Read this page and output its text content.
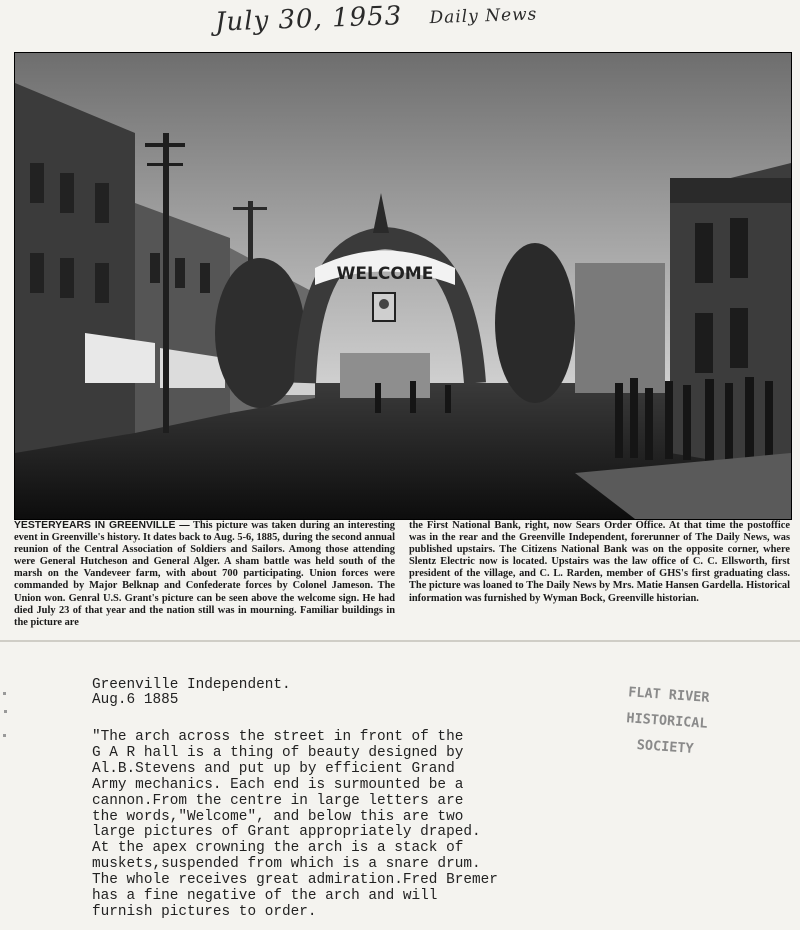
July 30, 1953 Daily News
WELCOME
YESTERYEARS IN GREENVILLE — This picture was taken during an interesting event in Greenville's history. It dates back to Aug. 5-6, 1885, during the second annual reunion of the Central Association of Soldiers and Sailors. Among those attending were General Hutcheson and General Alger. A sham battle was held south of the marsh on the Vandeveer farm, with about 700 participating. Union forces were commanded by Major Belknap and Confederate forces by Colonel Jameson. The Union won. Genral U.S. Grant's picture can be seen above the welcome sign. He had died July 23 of that year and the nation still was in mourning. Familiar buildings in the picture are
the First National Bank, right, now Sears Order Office. At that time the postoffice was in the rear and the Greenville Independent, forerunner of The Daily News, was published upstairs. The Citizens National Bank was on the opposite corner, where Slentz Electric now is located. Upstairs was the law office of C. C. Ellsworth, first president of the village, and C. L. Rarden, member of GHS's first graduating class. The picture was loaned to The Daily News by Mrs. Matie Hansen Gardella. Historical information was furnished by Wyman Bock, Greenville historian.
Greenville Independent.
Aug.6 1885
"The arch across the street in front of the
G A R hall is a thing of beauty designed by
Al.B.Stevens and put up by efficient Grand
Army mechanics. Each end is surmounted be a
cannon.From the centre in large letters are
the words,"Welcome", and below this are two
large pictures of Grant appropriately draped.
At the apex crowning the arch is a stack of
muskets,suspended from which is a snare drum.
The whole receives great admiration.Fred Bremer
has a fine negative of the arch and will
furnish pictures to order.
FLAT RIVER
HISTORICAL
SOCIETY
